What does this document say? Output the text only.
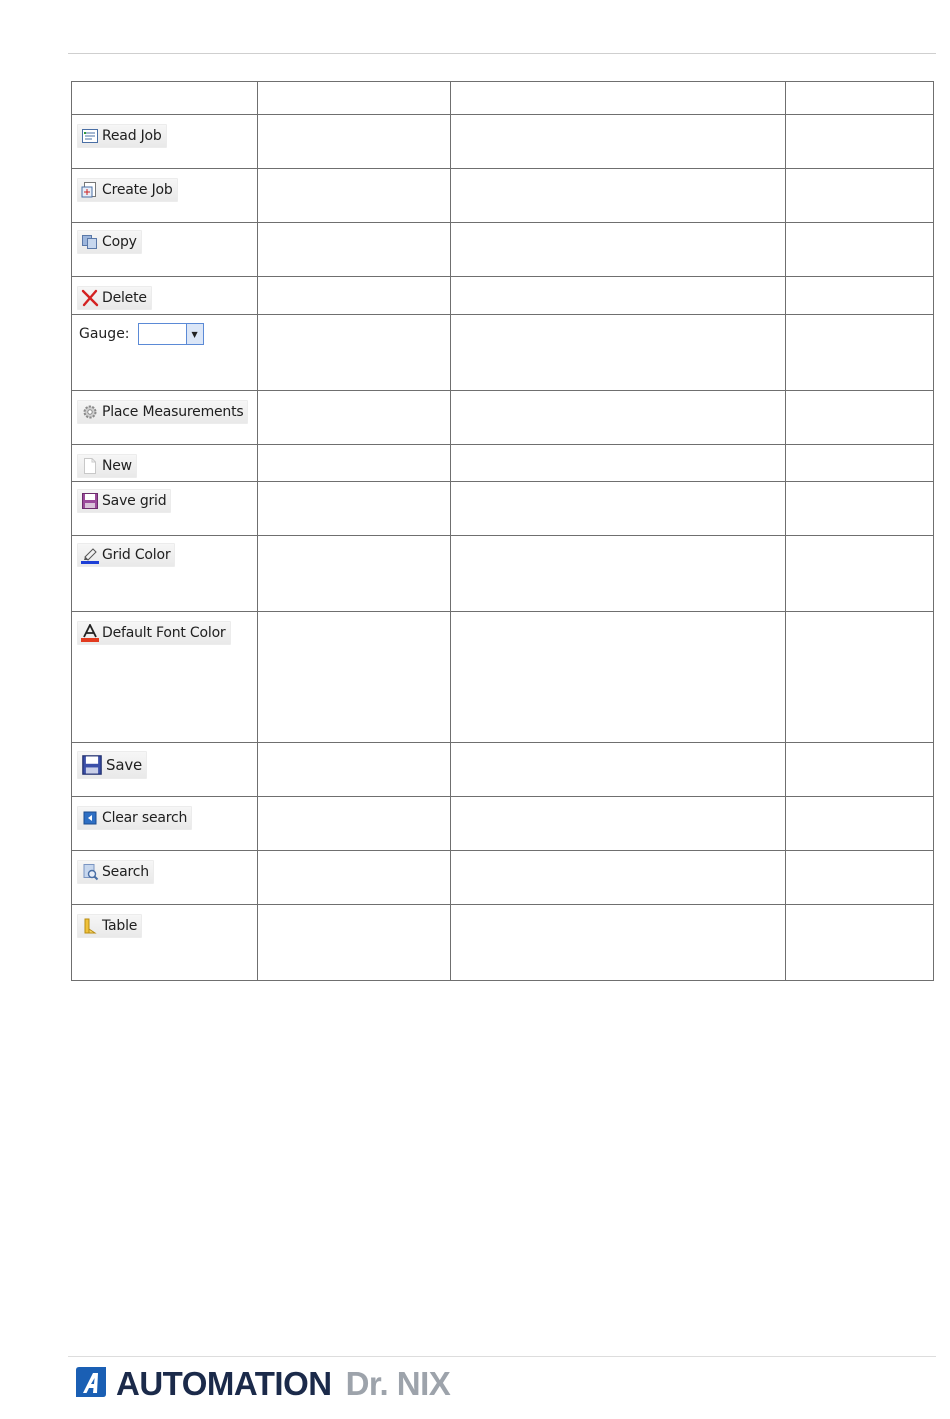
Read Job			

Create Job			

Copy			

Delete			

Gauge: ▼			

Place Measurements			

New			

Save grid			

Grid Color			

Default Font Color			

Save			

Clear search			

Search			

Table			

AUTOMATION Dr. NIX
